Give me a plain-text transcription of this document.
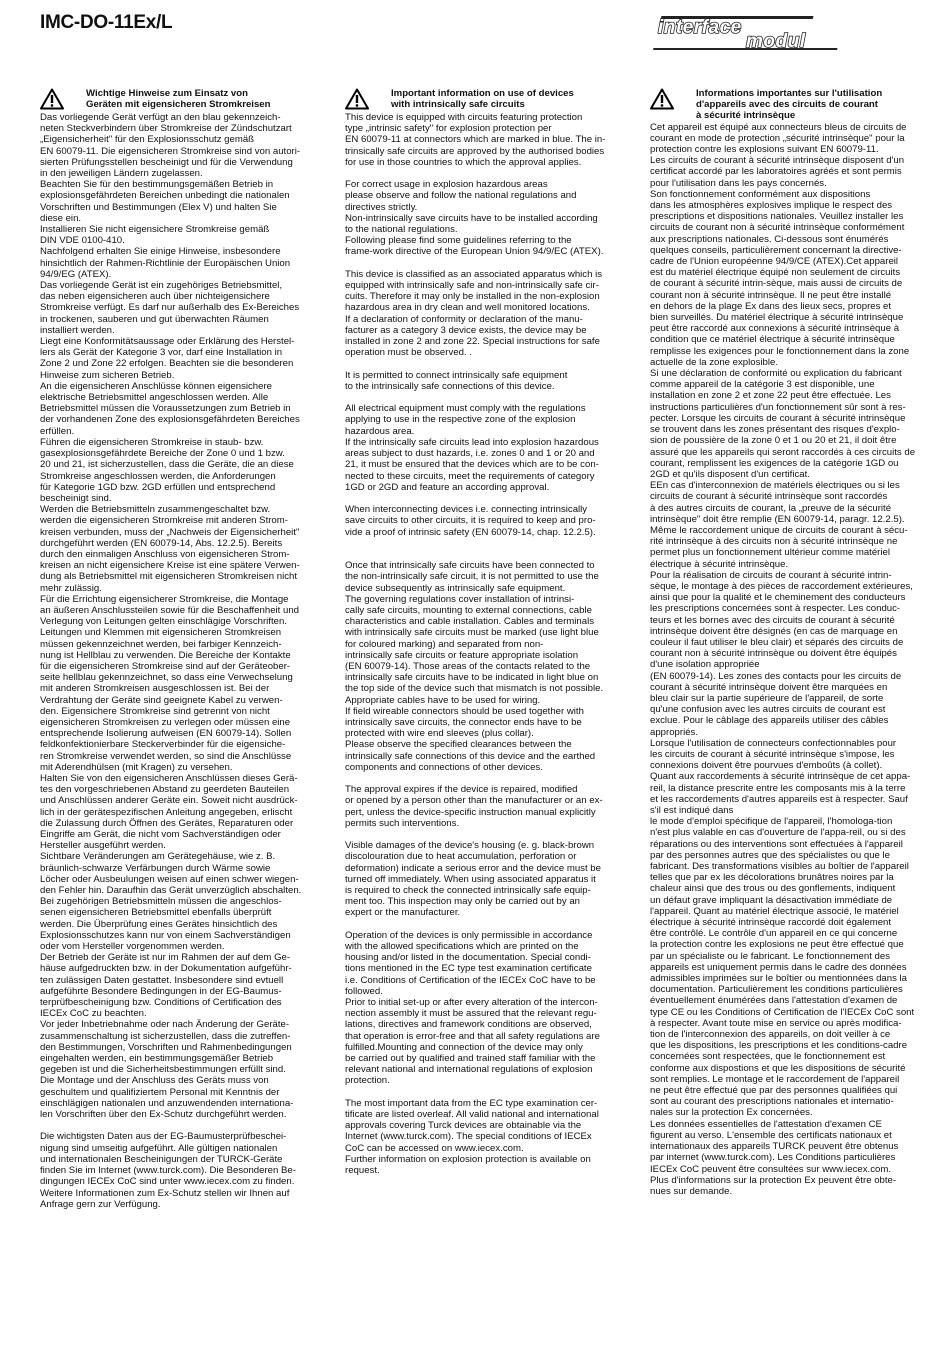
IMC-DO-11Ex/L	interface
modul
Wichtige Hinweise zum Einsatz von
Geräten mit eigensicheren Stromkreisen
Das vorliegende Gerät verfügt an den blau gekennzeich-
neten Steckverbindern über Stromkreise der Zündschutzart
„Eigensicherheit" für den Explosionsschutz gemäß
EN 60079-11. Die eigensicheren Stromkreise sind von autori-
sierten Prüfungsstellen bescheinigt und für die Verwendung
in den jeweiligen Ländern zugelassen.
Beachten Sie für den bestimmungsgemäßen Betrieb in
explosionsgefährdeten Bereichen unbedingt die nationalen
Vorschriften und Bestimmungen (Elex V) und halten Sie
diese ein.
Installieren Sie nicht eigensichere Stromkreise gemäß
DIN VDE 0100-410.
Nachfolgend erhalten Sie einige Hinweise, insbesondere
hinsichtlich der Rahmen-Richtlinie der Europäischen Union
94/9/EG (ATEX).
Das vorliegende Gerät ist ein zugehöriges Betriebsmittel,
das neben eigensicheren auch über nichteigensichere
Stromkreise verfügt. Es darf nur außerhalb des Ex-Bereiches
in trockenen, sauberen und gut überwachten Räumen
installiert werden.
Liegt eine Konformitätsaussage oder Erklärung des Herstel-
lers als Gerät der Kategorie 3 vor, darf eine Installation in
Zone 2 und Zone 22 erfolgen. Beachten sie die besonderen
Hinweise zum sicheren Betrieb.
An die eigensicheren Anschlüsse können eigensichere
elektrische Betriebsmittel angeschlossen werden. Alle
Betriebsmittel müssen die Voraussetzungen zum Betrieb in
der vorhandenen Zone des explosionsgefährdeten Bereiches
erfüllen.
Führen die eigensicheren Stromkreise in staub- bzw.
gasexplosionsgefährdete Bereiche der Zone 0 und 1 bzw.
20 und 21, ist sicherzustellen, dass die Geräte, die an diese
Stromkreise angeschlossen werden, die Anforderungen
für Kategorie 1GD bzw. 2GD erfüllen und entsprechend
bescheinigt sind.
Werden die Betriebsmitteln zusammengeschaltet bzw.
werden die eigensicheren Stromkreise mit anderen Strom-
kreisen verbunden, muss der „Nachweis der Eigensicherheit"
durchgeführt werden (EN 60079-14, Abs. 12.2.5). Bereits
durch den einmaligen Anschluss von eigensicheren Strom-
kreisen an nicht eigensichere Kreise ist eine spätere Verwen-
dung als Betriebsmittel mit eigensicheren Stromkreisen nicht
mehr zulässig.
Für die Errichtung eigensicherer Stromkreise, die Montage
an äußeren Anschlussteilen sowie für die Beschaffenheit und
Verlegung von Leitungen gelten einschlägige Vorschriften.
Leitungen und Klemmen mit eigensicheren Stromkreisen
müssen gekennzeichnet werden, bei farbiger Kennzeich-
nung ist Hellblau zu verwenden. Die Bereiche der Kontakte
für die eigensicheren Stromkreise sind auf der Geräteober-
seite hellblau gekennzeichnet, so dass eine Verwechselung
mit anderen Stromkreisen ausgeschlossen ist. Bei der
Verdrahtung der Geräte sind geeignete Kabel zu verwen-
den. Eigensichere Stromkreise sind getrennt von nicht
eigensicheren Stromkreisen zu verlegen oder müssen eine
entsprechende Isolierung aufweisen (EN 60079-14). Sollen
feldkonfektionierbare Steckerverbinder für die eigensiche-
ren Stromkreise verwendet werden, so sind die Anschlüsse
mit Aderendhülsen (mit Kragen) zu versehen.
Halten Sie von den eigensicheren Anschlüssen dieses Gerä-
tes den vorgeschriebenen Abstand zu geerdeten Bauteilen
und Anschlüssen anderer Geräte ein. Soweit nicht ausdrück-
lich in der gerätespezifischen Anleitung angegeben, erlischt
die Zulassung durch Öffnen des Gerätes, Reparaturen oder
Eingriffe am Gerät, die nicht vom Sachverständigen oder
Hersteller ausgeführt werden.
Sichtbare Veränderungen am Gerätegehäuse, wie z. B.
bräunlich-schwarze Verfärbungen durch Wärme sowie
Löcher oder Ausbeulungen weisen auf einen schwer wiegen-
den Fehler hin. Daraufhin das Gerät unverzüglich abschalten.
Bei zugehörigen Betriebsmitteln müssen die angeschlos-
senen eigensicheren Betriebsmittel ebenfalls überprüft
werden. Die Überprüfung eines Gerätes hinsichtlich des
Explosionsschutzes kann nur von einem Sachverständigen
oder vom Hersteller vorgenommen werden.
Der Betrieb der Geräte ist nur im Rahmen der auf dem Ge-
häuse aufgedruckten bzw. in der Dokumentation aufgeführ-
ten zulässigen Daten gestattet. Insbesondere sind evtuell
aufgeführte Besondere Bedingungen in der EG-Baumus-
terprüfbescheinigung bzw. Conditions of Certification des
IECEx CoC zu beachten.
Vor jeder Inbetriebnahme oder nach Änderung der Geräte-
zusammenschaltung ist sicherzustellen, dass die zutreffen-
den Bestimmungen, Vorschriften und Rahmenbedingungen
eingehalten werden, ein bestimmungsgemäßer Betrieb
gegeben ist und die Sicherheitsbestimmungen erfüllt sind.
Die Montage und der Anschluss des Geräts muss von
geschultem und qualifiziertem Personal mit Kenntnis der
einschlägigen nationalen und anzuwendenden internationa-
len Vorschriften über den Ex-Schutz durchgeführt werden.

Die wichtigsten Daten aus der EG-Baumusterprüfbeschei-
nigung sind umseitig aufgeführt. Alle gültigen nationalen
und internationalen Bescheinigungen der TURCK-Geräte
finden Sie im Internet (www.turck.com). Die Besonderen Be-
dingungen IECEx CoC sind unter www.iecex.com zu finden.
Weitere Informationen zum Ex-Schutz stellen wir Ihnen auf
Anfrage gern zur Verfügung.
Important information on use of devices
with intrinsically safe circuits
This device is equipped with circuits featuring protection
type „intrinsic safety" for explosion protection per
EN 60079-11 at connectors which are marked in blue. The in-
trinsically safe circuits are approved by the authorised bodies
for use in those countries to which the approval applies.

For correct usage in explosion hazardous areas
please observe and follow the national regulations and
directives strictly.
Non-intrinsically save circuits have to be installed according
to the national regulations.
Following please find some guidelines referring to the
frame-work directive of the European Union 94/9/EC (ATEX).

This device is classified as an associated apparatus which is
equipped with intrinsically safe and non-intrinsically safe cir-
cuits. Therefore it may only be installed in the non-explosion
hazardous area in dry clean and well monitored locations.
If a declaration of conformity or declaration of the manu-
facturer as a category 3 device exists, the device may be
installed in zone 2 and zone 22. Special instructions for safe
operation must be observed. .

It is permitted to connect intrinsically safe equipment
to the intrinsically safe connections of this device.

All electrical equipment must comply with the regulations
applying to use in the respective zone of the explosion
hazardous area.
If the intrinsically safe circuits lead into explosion hazardous
areas subject to dust hazards, i.e. zones 0 and 1 or 20 and
21, it must be ensured that the devices which are to be con-
nected to these circuits, meet the requirements of category
1GD or 2GD and feature an according approval.

When interconnecting devices i.e. connecting intrinsically
save circuits to other circuits, it is required to keep and pro-
vide a proof of intrinsic safety (EN 60079-14, chap. 12.2.5).

Once that intrinsically safe circuits have been connected to
the non-intrinsically safe circuit, it is not permitted to use the
device subsequently as intrinsically safe equipment.
The governing regulations cover installation of intrinsi-
cally safe circuits, mounting to external connections, cable
characteristics and cable installation. Cables and terminals
with intrinsically safe circuits must be marked (use light blue
for coloured marking) and separated from non-
intrinsically safe circuits or feature appropriate isolation
(EN 60079-14). Those areas of the contacts related to the
intrinsically safe circuits have to be indicated in light blue on
the top side of the device such that mismatch is not possible.
Appropriate cables have to be used for wiring.
If field wireable connectors should be used together with
intrinsically save circuits, the connector ends have to be
protected with wire end sleeves (plus collar).
Please observe the specified clearances between the
intrinsically safe connections of this device and the earthed
components and connections of other devices.

The approval expires if the device is repaired, modified
or opened by a person other than the manufacturer or an ex-
pert, unless the device-specific instruction manual explicitly
permits such interventions.

Visible damages of the device's housing (e. g. black-brown
discolouration due to heat accumulation, perforation or
deformation) indicate a serious error and the device must be
turned off immediately. When using associated apparatus it
is required to check the connected intrinsically safe equip-
ment too. This inspection may only be carried out by an
expert or the manufacturer.

Operation of the devices is only permissible in accordance
with the allowed specifications which are printed on the
housing and/or listed in the documentation. Special condi-
tions mentioned in the EC type test examination certificate
i.e. Conditions of Certification of the IECEx CoC have to be
followed.
Prior to initial set-up or after every alteration of the intercon-
nection assembly it must be assured that the relevant regu-
lations, directives and framework conditions are observed,
that operation is error-free and that all safety regulations are
fulfilled.Mounting and connection of the device may only
be carried out by qualified and trained staff familiar with the
relevant national and international regulations of explosion
protection.

The most important data from the EC type examination cer-
tificate are listed overleaf. All valid national and international
approvals covering Turck devices are obtainable via the
Internet (www.turck.com). The special conditions of IECEx
CoC can be accessed on www.iecex.com.
Further information on explosion protection is available on
request.
Informations importantes sur l'utilisation
d'appareils avec des circuits de courant
à sécurité intrinsèque
Cet appareil est équipé aux connecteurs bleus de circuits de
courant en mode de protection „sécurité intrinsèque" pour la
protection contre les explosions suivant EN 60079-11.
Les circuits de courant à sécurité intrinsèque disposent d'un
certificat accordé par les laboratoires agréés et sont permis
pour l'utilisation dans les pays concernés.
Son fonctionnement conformément aux dispositions
dans les atmosphères explosives implique le respect des
prescriptions et dispositions nationales. Veuillez installer les
circuits de courant non à sécurité intrinsèque conformément
aux prescriptions nationales. Ci-dessous sont énumérés
quelques conseils, particulièrement concernant la directive-
cadre de l'Union européenne 94/9/CE (ATEX).Cet appareil
est du matériel électrique équipé non seulement de circuits
de courant à sécurité intrin-sèque, mais aussi de circuits de
courant non à sécurité intrinsèque. Il ne peut être installé
en dehors de la plage Ex dans des lieux secs, propres et
bien surveillés. Du matériel électrique à sécurité intrinsèque
peut être raccordé aux connexions à sécurité intrinsèque à
condition que ce matériel électrique à sécurité intrinsèque
remplisse les exigences pour le fonctionnement dans la zone
actuelle de la zone explosible.
Si une déclaration de conformité ou explication du fabricant
comme appareil de la catégorie 3 est disponible, une
installation en zone 2 et zone 22 peut être effectuée. Les
instructions particulières d'un fonctionnement sûr sont à res-
pecter. Lorsque les circuits de courant à sécurité intrinsèque
se trouvent dans les zones présentant des risques d'explo-
sion de poussière de la zone 0 et 1 ou 20 et 21, il doit être
assuré que les appareils qui seront raccordés à ces circuits de
courant, remplissent les exigences de la catégorie 1GD ou
2GD et qu'ils disposent d'un certificat.
EEn cas d'interconnexion de matériels électriques ou si les
circuits de courant à sécurité intrinsèque sont raccordés
à des autres circuits de courant, la „preuve de la sécurité
intrinsèque" doit être remplie (EN 60079-14, paragr. 12.2.5).
Même le raccordement unique de circuits de courant à sécu-
rité intrinsèque à des circuits non à sécurité intrinsèque ne
permet plus un fonctionnement ultérieur comme matériel
électrique à sécurité intrinsèque.
Pour la réalisation de circuits de courant à sécurité intrin-
sèque, le montage à des pièces de raccordement extérieures,
ainsi que pour la qualité et le cheminement des conducteurs
les prescriptions concernées sont à respecter. Les conduc-
teurs et les bornes avec des circuits de courant à sécurité
intrinsèque doivent être désignés (en cas de marquage en
couleur il faut utiliser le bleu clair) et séparés des circuits de
courant non à sécurité intrinsèque ou doivent être équipés
d'une isolation appropriée
(EN 60079-14). Les zones des contacts pour les circuits de
courant à sécurité intrinsèque doivent être marquées en
bleu clair sur la partie supérieure de l'appareil, de sorte
qu'une confusion avec les autres circuits de courant est
exclue. Pour le câblage des appareils utiliser des câbles
appropriés.
Lorsque l'utilisation de connecteurs confectionnables pour
les circuits de courant à sécurité intrinsèque s'impose, les
connexions doivent être pourvues d'emboûts (à collet).
Quant aux raccordements à sécurité intrinsèque de cet appa-
reil, la distance prescrite entre les composants mis à la terre
et les raccordements d'autres appareils est à respecter. Sauf
s'il est indiqué dans
le mode d'emploi spécifique de l'appareil, l'homologa-tion
n'est plus valable en cas d'ouverture de l'appa-reil, ou si des
réparations ou des interventions sont effectuées à l'appareil
par des personnes autres que des spécialistes ou que le
fabricant. Des transformations visibles au boîtier de l'appareil
telles que par ex les décolorations brunâtres noires par la
chaleur ainsi que des trous ou des gonflements, indiquent
un défaut grave impliquant la désactivation immédiate de
l'appareil. Quant au matériel électrique associé, le matériel
électrique à sécurité intrinsèque raccordé doit également
être contrôlé. Le contrôle d'un appareil en ce qui concerne
la protection contre les explosions ne peut être effectué que
par un spécialiste ou le fabricant. Le fonctionnement des
appareils est uniquement permis dans le cadre des données
admissibles imprimées sur le boîtier ou mentionnées dans la
documentation. Particulièrement les conditions particulières
éventuellement énumérées dans l'attestation d'examen de
type CE ou les Conditions of Certification de l'IECEx CoC sont
à respecter. Avant toute mise en service ou après modifica-
tion de l'interconnexion des appareils, on doit veiller à ce
que les dispositions, les prescriptions et les conditions-cadre
concernées sont respectées, que le fonctionnement est
conforme aux dispostions et que les dispositions de sécurité
sont remplies. Le montage et le raccordement de l'appareil
ne peut être effectué que par des personnes qualifiées qui
sont au courant des prescriptions nationales et internatio-
nales sur la protection Ex concernées.
Les données essentielles de l'attestation d'examen CE
figurent au verso. L'ensemble des certificats nationaux et
internationaux des appareils TURCK peuvent être obtenus
par internet (www.turck.com). Les Conditions particulières
IECEx CoC peuvent être consultées sur www.iecex.com.
Plus d'informations sur la protection Ex peuvent être obte-
nues sur demande.
